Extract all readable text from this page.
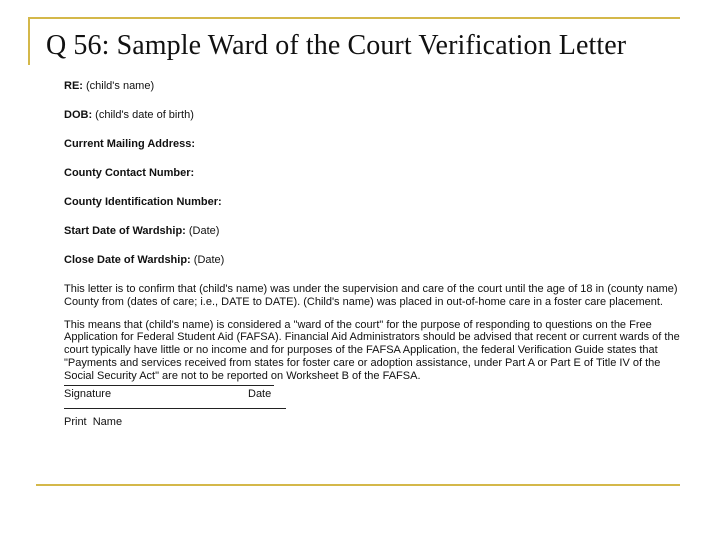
Q 56: Sample Ward of the Court Verification Letter
RE: (child's name)
DOB: (child's date of birth)
Current Mailing Address:
County Contact Number:
County Identification Number:
Start Date of Wardship: (Date)
Close Date of Wardship: (Date)

This letter is to confirm that (child's name) was under the supervision and care of the court until the age of 18 in (county name) County from (dates of care; i.e., DATE to DATE). (Child's name) was placed in out-of-home care in a foster care placement.

This means that (child's name) is considered a "ward of the court" for the purpose of responding to questions on the Free Application for Federal Student Aid (FAFSA). Financial Aid Administrators should be advised that recent or current wards of the court typically have little or no income and for purposes of the FAFSA Application, the federal Verification Guide states that "Payments and services received from states for foster care or adoption assistance, under Part A or Part E of Title IV of the Social Security Act" are not to be reported on Worksheet B of the FAFSA.

Signature	Date
Print  Name
